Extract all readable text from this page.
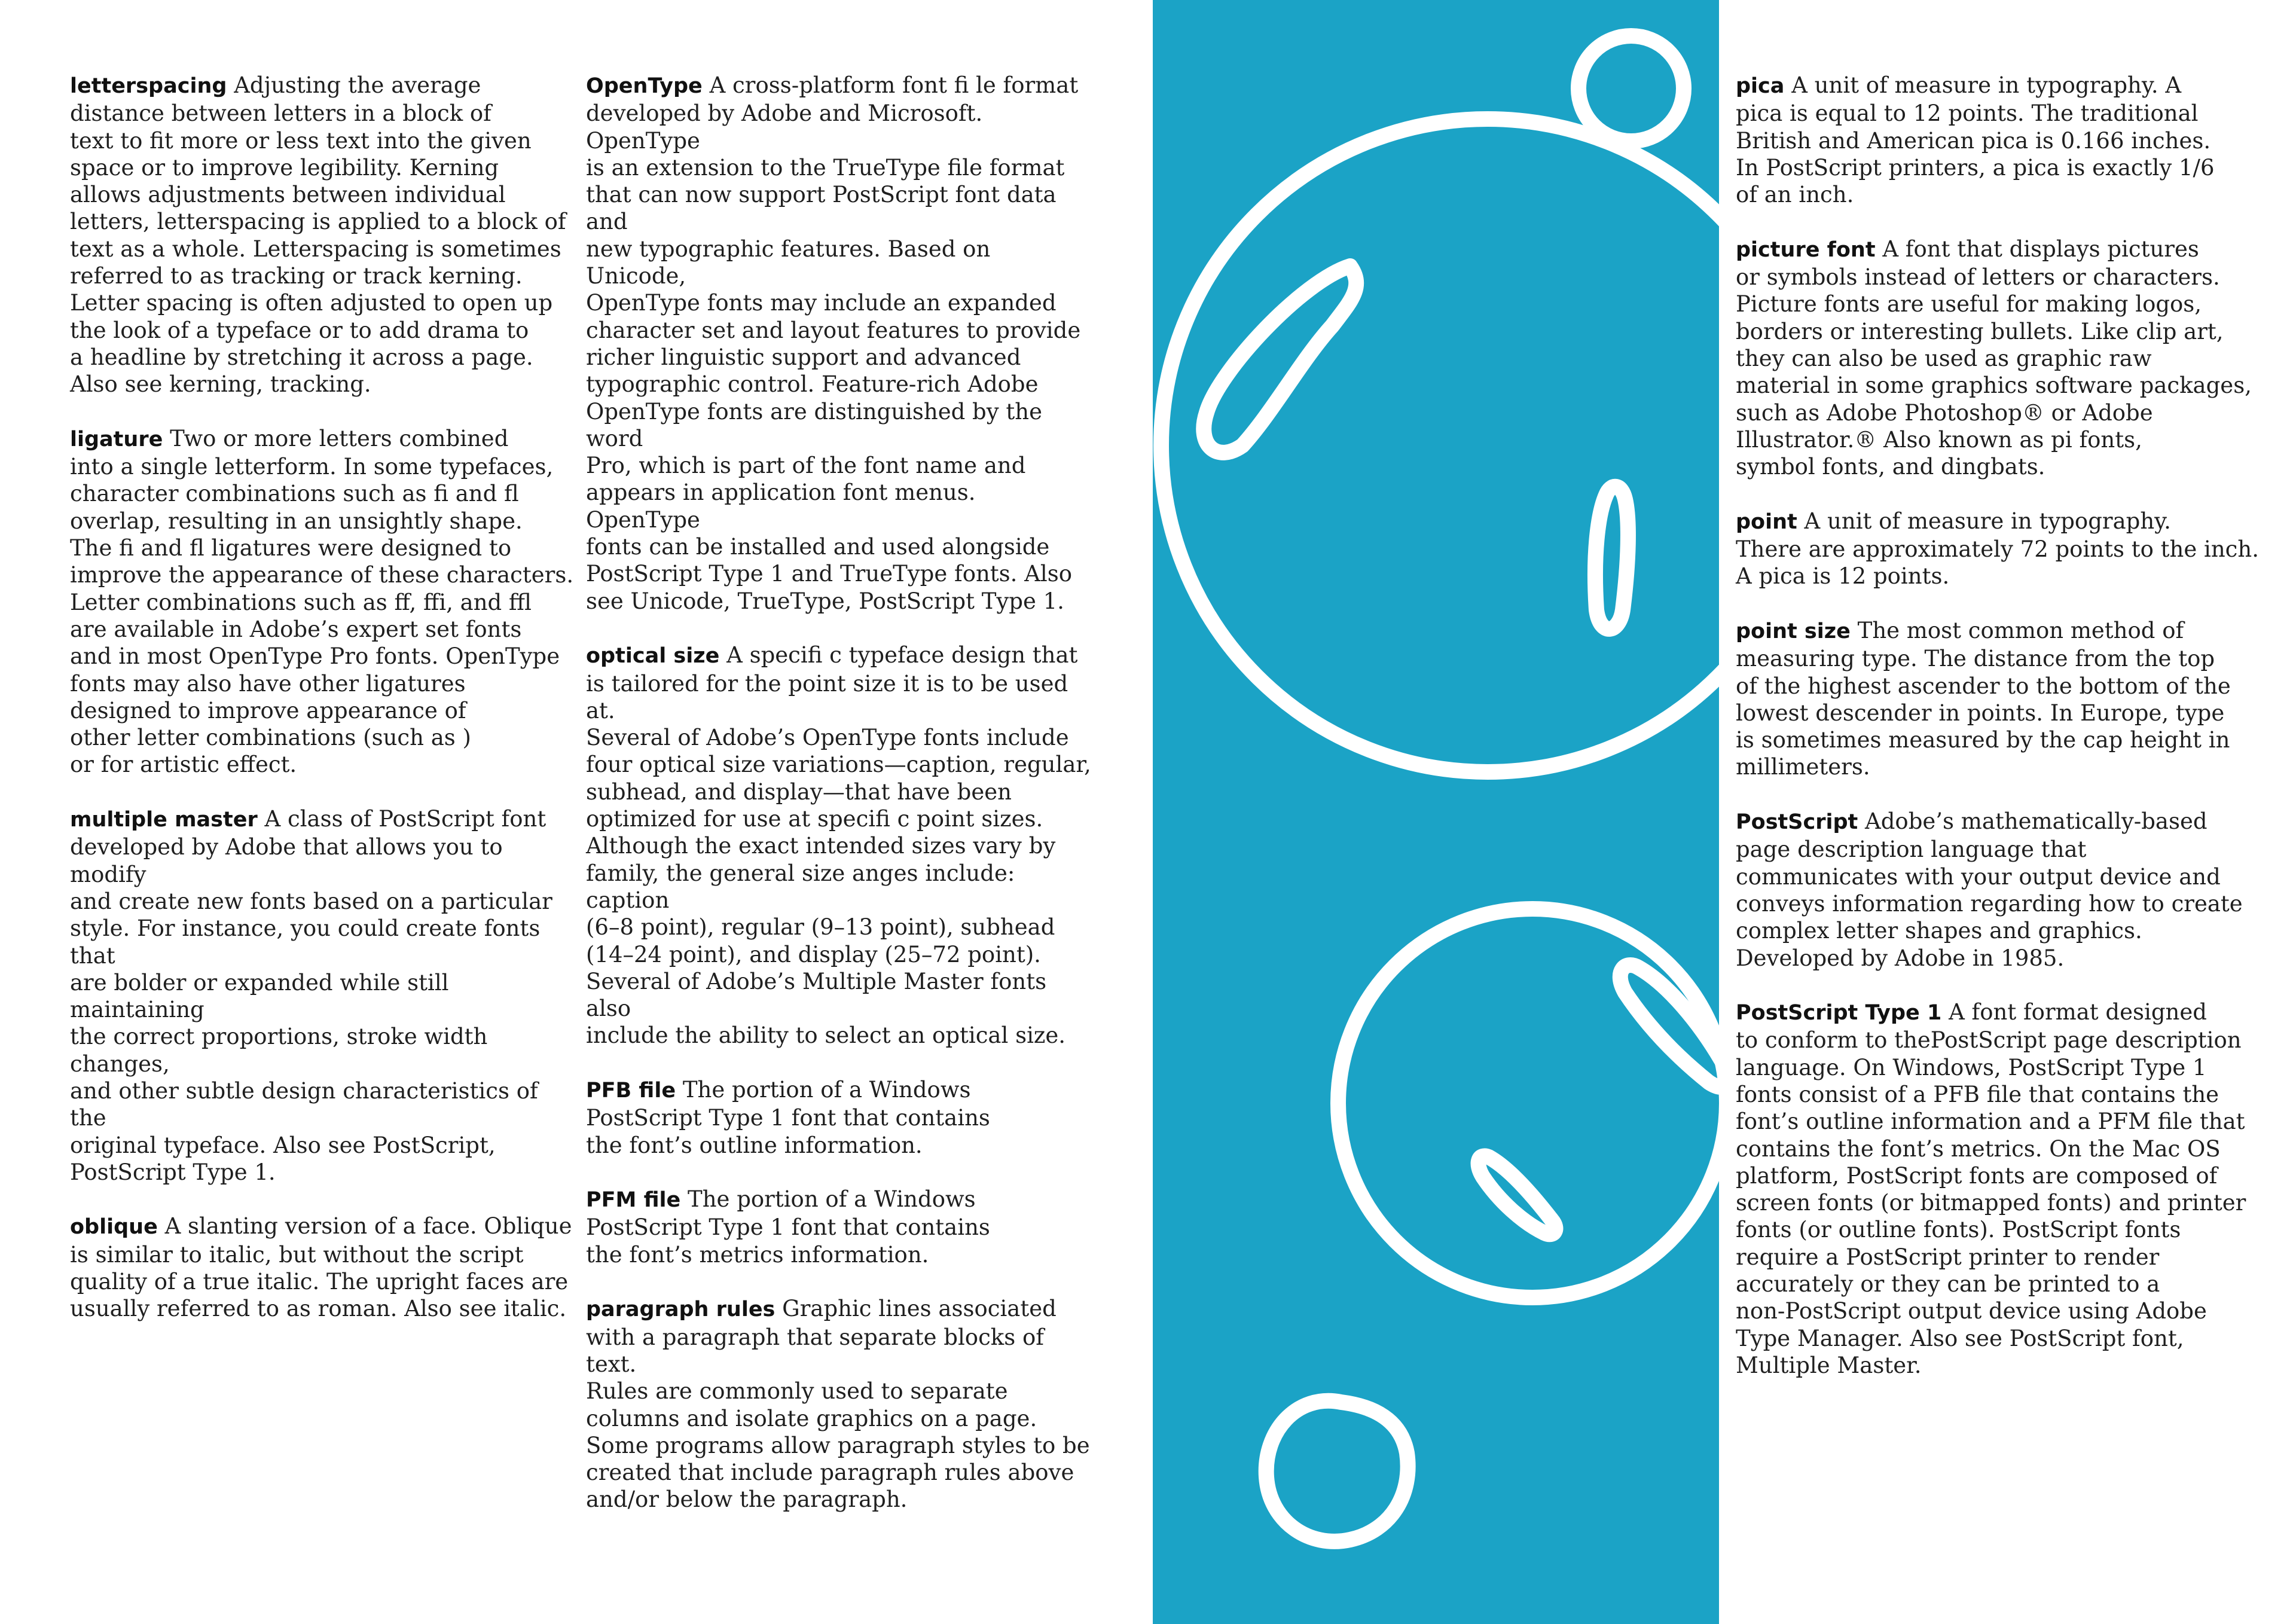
letterspacing Adjusting the average
distance between letters in a block of
text to fit more or less text into the given
space or to improve legibility. Kerning
allows adjustments between individual
letters, letterspacing is applied to a block of
text as a whole. Letterspacing is sometimes
referred to as tracking or track kerning.
Letter spacing is often adjusted to open up
the look of a typeface or to add drama to
a headline by stretching it across a page.
Also see kerning, tracking.

ligature Two or more letters combined
into a single letterform. In some typefaces,
character combinations such as fi and fl
overlap, resulting in an unsightly shape.
The fi and fl ligatures were designed to
improve the appearance of these characters.
Letter combinations such as ff, ffi, and ffl
are available in Adobe’s expert set fonts
and in most OpenType Pro fonts. OpenType
fonts may also have other ligatures
designed to improve appearance of
other letter combinations (such as )
or for artistic effect.

multiple master A class of PostScript font
developed by Adobe that allows you to modify
and create new fonts based on a particular
style. For instance, you could create fonts that
are bolder or expanded while still maintaining
the correct proportions, stroke width changes,
and other subtle design characteristics of the
original typeface. Also see PostScript,
PostScript Type 1.

oblique A slanting version of a face. Oblique
is similar to italic, but without the script
quality of a true italic. The upright faces are
usually referred to as roman. Also see italic.

OpenType A cross-platform font fi le format
developed by Adobe and Microsoft. OpenType
is an extension to the TrueType file format
that can now support PostScript font data and
new typographic features. Based on Unicode,
OpenType fonts may include an expanded
character set and layout features to provide
richer linguistic support and advanced
typographic control. Feature-rich Adobe
OpenType fonts are distinguished by the word
Pro, which is part of the font name and
appears in application font menus. OpenType
fonts can be installed and used alongside
PostScript Type 1 and TrueType fonts. Also
see Unicode, TrueType, PostScript Type 1.

optical size A specifi c typeface design that
is tailored for the point size it is to be used at.
Several of Adobe’s OpenType fonts include
four optical size variations—caption, regular,
subhead, and display—that have been
optimized for use at specifi c point sizes.
Although the exact intended sizes vary by
family, the general size anges include: caption
(6–8 point), regular (9–13 point), subhead
(14–24 point), and display (25–72 point).
Several of Adobe’s Multiple Master fonts also
include the ability to select an optical size.

PFB file The portion of a Windows
PostScript Type 1 font that contains
the font’s outline information.

PFM file The portion of a Windows
PostScript Type 1 font that contains
the font’s metrics information.

paragraph rules Graphic lines associated
with a paragraph that separate blocks of text.
Rules are commonly used to separate
columns and isolate graphics on a page.
Some programs allow paragraph styles to be
created that include paragraph rules above
and/or below the paragraph.

pica A unit of measure in typography. A
pica is equal to 12 points. The traditional
British and American pica is 0.166 inches.
In PostScript printers, a pica is exactly 1/6
of an inch.

picture font A font that displays pictures
or symbols instead of letters or characters.
Picture fonts are useful for making logos,
borders or interesting bullets. Like clip art,
they can also be used as graphic raw
material in some graphics software packages,
such as Adobe Photoshop® or Adobe
Illustrator.® Also known as pi fonts,
symbol fonts, and dingbats.

point A unit of measure in typography.
There are approximately 72 points to the inch.
A pica is 12 points.

point size The most common method of
measuring type. The distance from the top
of the highest ascender to the bottom of the
lowest descender in points. In Europe, type
is sometimes measured by the cap height in
millimeters.

PostScript Adobe’s mathematically-based
page description language that
communicates with your output device and
conveys information regarding how to create
complex letter shapes and graphics.
Developed by Adobe in 1985.

PostScript Type 1 A font format designed
to conform to thePostScript page description
language. On Windows, PostScript Type 1
fonts consist of a PFB file that contains the
font’s outline information and a PFM file that
contains the font’s metrics. On the Mac OS
platform, PostScript fonts are composed of
screen fonts (or bitmapped fonts) and printer
fonts (or outline fonts). PostScript fonts
require a PostScript printer to render
accurately or they can be printed to a
non-PostScript output device using Adobe
Type Manager. Also see PostScript font,
Multiple Master.
